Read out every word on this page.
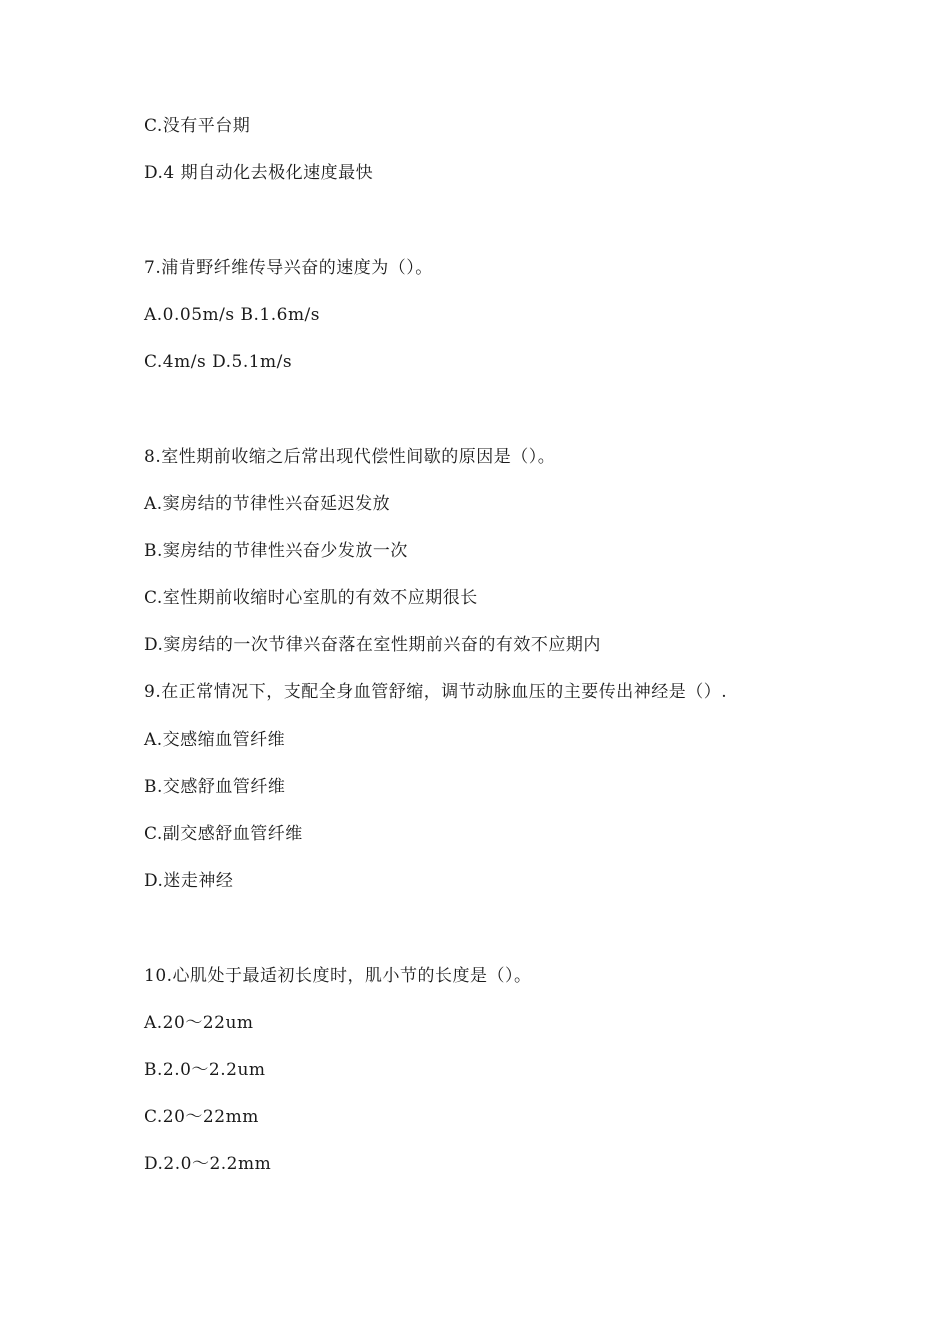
C.没有平台期
D.4 期自动化去极化速度最快
7.浦肯野纤维传导兴奋的速度为（）。
A.0.05m/s B.1.6m/s
C.4m/s D.5.1m/s
8.室性期前收缩之后常出现代偿性间歇的原因是（）。
A.窦房结的节律性兴奋延迟发放
B.窦房结的节律性兴奋少发放一次
C.室性期前收缩时心室肌的有效不应期很长
D.窦房结的一次节律兴奋落在室性期前兴奋的有效不应期内
9.在正常情况下，支配全身血管舒缩，调节动脉血压的主要传出神经是（）.
A.交感缩血管纤维
B.交感舒血管纤维
C.副交感舒血管纤维
D.迷走神经
10.心肌处于最适初长度时，肌小节的长度是（）。
A.20～22um
B.2.0～2.2um
C.20～22mm
D.2.0～2.2mm
